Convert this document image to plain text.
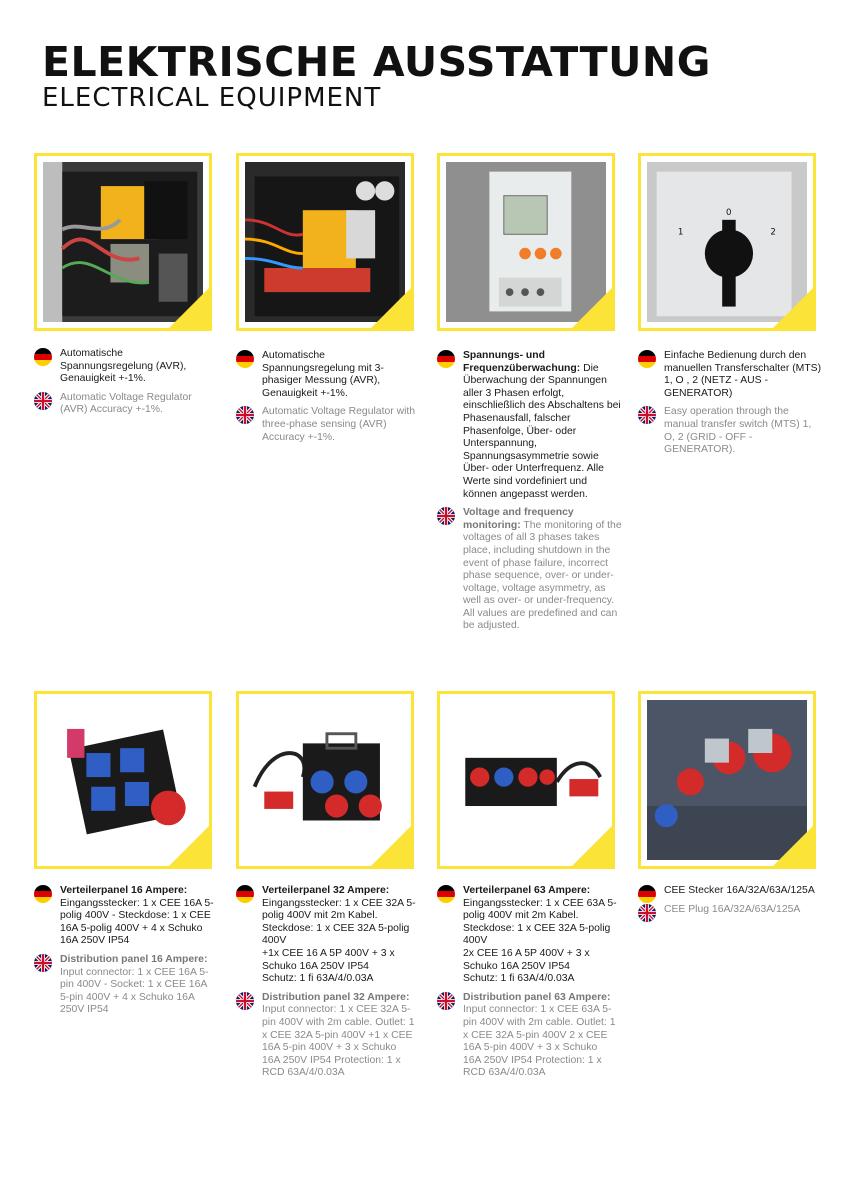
ELEKTRISCHE AUSSTATTUNG
ELECTRICAL EQUIPMENT
0
1	2
Automatische Spannungsregelung (AVR), Genauigkeit +-1%.
Automatic Voltage Regulator (AVR) Accuracy +-1%.
Automatische Spannungsregelung mit 3-phasiger Messung (AVR), Genauigkeit +-1%.
Automatic Voltage Regulator with three-phase sensing (AVR) Accuracy +-1%.
Spannungs- und Frequenzüberwachung: Die Überwachung der Spannungen aller 3 Phasen erfolgt, einschließlich des Abschaltens bei Phasenausfall, falscher Phasenfolge, Über- oder Unterspannung, Spannungsasymmetrie sowie Über- oder Unterfrequenz. Alle Werte sind vordefiniert und können angepasst werden.
Voltage and frequency monitoring: The monitoring of the voltages of all 3 phases takes place, including shutdown in the event of phase failure, incorrect phase sequence, over- or under-voltage, voltage asymmetry, as well as over- or under-frequency.
All values are predefined and can be adjusted.
Einfache Bedienung durch den manuellen Transferschalter (MTS) 1, O , 2 (NETZ - AUS - GENERATOR)
Easy operation through the manual transfer switch (MTS) 1, O, 2 (GRID - OFF - GENERATOR).
Verteilerpanel 16 Ampere: Eingangsstecker: 1 x CEE 16A 5-polig 400V - Steckdose: 1 x CEE 16A 5-polig 400V + 4 x Schuko 16A 250V IP54
Distribution panel 16 Ampere: Input connector: 1 x CEE 16A 5-pin 400V - Socket: 1 x CEE 16A 5-pin 400V + 4 x Schuko 16A 250V IP54
Verteilerpanel 32 Ampere: Eingangsstecker: 1 x CEE 32A 5-polig 400V mit 2m Kabel. Steckdose: 1 x CEE 32A 5-polig 400V
+1x CEE 16 A 5P 400V + 3 x Schuko 16A 250V IP54
Schutz: 1 fi 63A/4/0.03A
Distribution panel 32 Ampere: Input connector: 1 x CEE 32A 5-pin 400V with 2m cable. Outlet: 1 x CEE 32A 5-pin 400V +1 x CEE 16A 5-pin 400V + 3 x Schuko 16A 250V IP54 Protection: 1 x RCD 63A/4/0.03A
Verteilerpanel 63 Ampere: Eingangsstecker: 1 x CEE 63A 5-polig 400V mit 2m Kabel. Steckdose: 1 x CEE 32A 5-polig 400V
2x CEE 16 A 5P 400V + 3 x Schuko 16A 250V IP54
Schutz: 1 fi 63A/4/0.03A
Distribution panel 63 Ampere: Input connector: 1 x CEE 63A 5-pin 400V with 2m cable. Outlet: 1 x CEE 32A 5-pin 400V 2 x CEE 16A 5-pin 400V + 3 x Schuko 16A 250V IP54 Protection: 1 x RCD 63A/4/0.03A
CEE Stecker 16A/32A/63A/125A
CEE Plug 16A/32A/63A/125A
